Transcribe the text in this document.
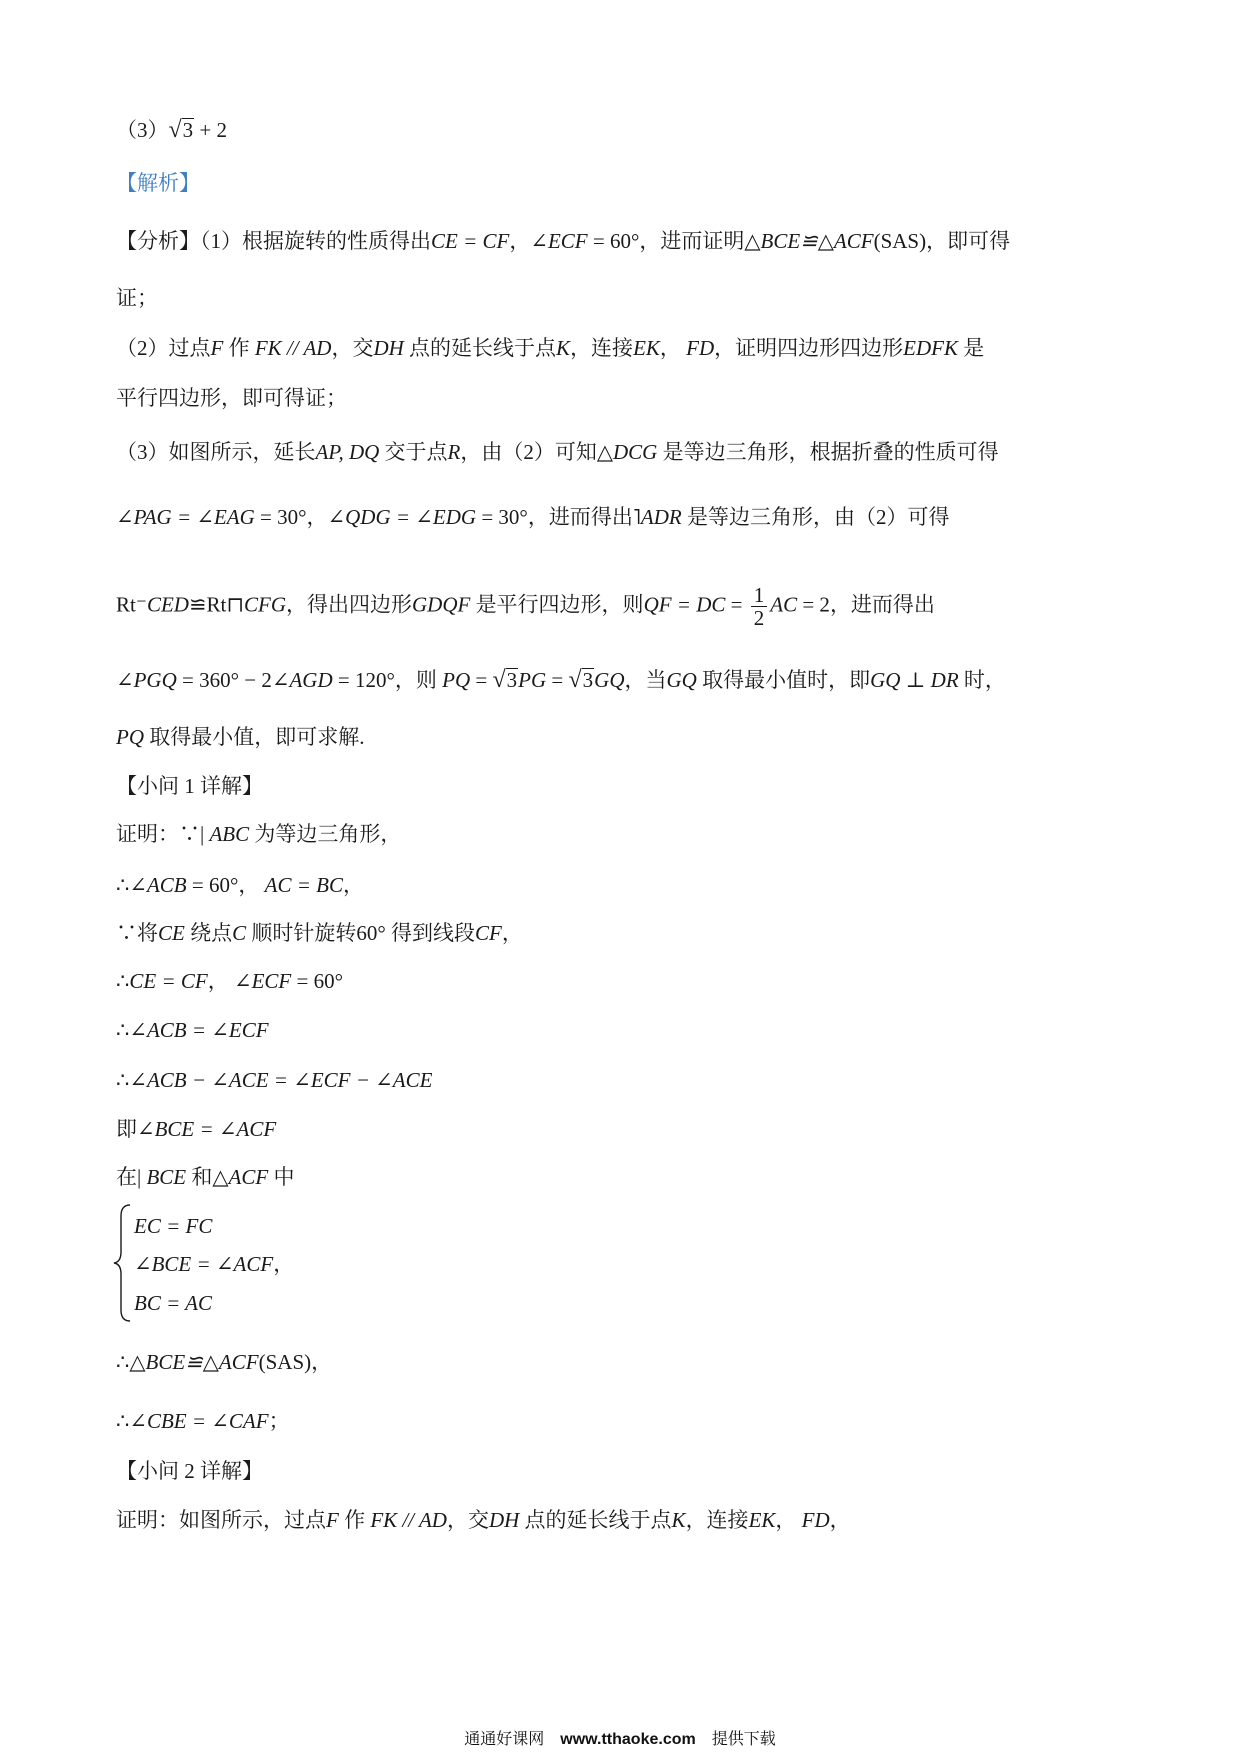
（3）√3 + 2
【解析】
【分析】（1）根据旋转的性质得出CE = CF，∠ECF = 60°，进而证明△BCE≌△ACF(SAS)，即可得
证；
（2）过点F 作 FK // AD，交DH 点的延长线于点K，连接EK， FD，证明四边形四边形EDFK 是
平行四边形，即可得证；
（3）如图所示，延长AP, DQ 交于点R，由（2）可知△DCG 是等边三角形，根据折叠的性质可得
∠PAG = ∠EAG = 30°，∠QDG = ∠EDG = 30°，进而得出˥ADR 是等边三角形，由（2）可得
Rt⁻CED≌Rt⊓CFG，得出四边形GDQF 是平行四边形，则QF = DC = $\frac{1}{2}$ AC = 2，进而得出
∠PGQ = 360° − 2∠AGD = 120°，则 PQ = √3PG = √3GQ，当GQ 取得最小值时，即GQ ⊥ DR 时，
PQ 取得最小值，即可求解.
【小问 1 详解】
证明：∵| ABC 为等边三角形，
∴∠ACB = 60°， AC = BC，
∵将CE 绕点C 顺时针旋转60° 得到线段CF，
∴CE = CF， ∠ECF = 60°
∴∠ACB = ∠ECF
∴∠ACB − ∠ACE = ∠ECF − ∠ACE
即∠BCE = ∠ACF
在| BCE 和△ACF 中
EC = FC
∠BCE = ∠ACF，
BC = AC
∴△BCE≌△ACF(SAS)，
∴∠CBE = ∠CAF；
【小问 2 详解】
证明：如图所示，过点F 作 FK // AD，交DH 点的延长线于点K，连接EK， FD，
通通好课网 www.tthaoke.com 提供下载
